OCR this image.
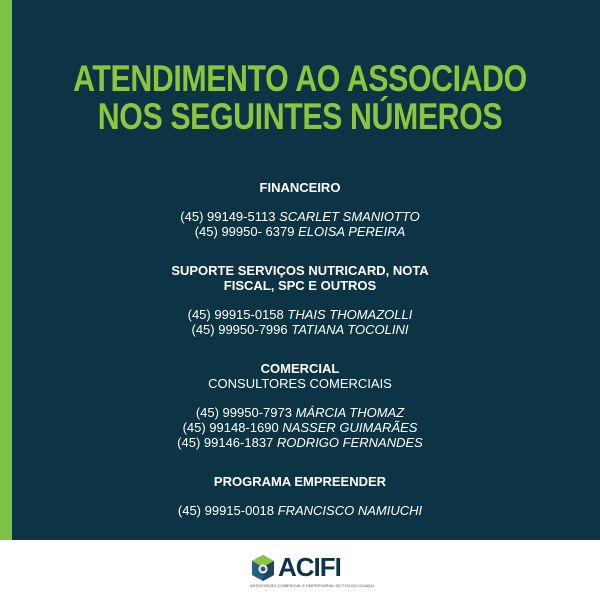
ATENDIMENTO AO ASSOCIADO
NOS SEGUINTES NÚMEROS
FINANCEIRO
(45) 99149-5113 SCARLET SMANIOTTO
(45) 99950- 6379 ELOISA PEREIRA
SUPORTE SERVIÇOS NUTRICARD, NOTA
FISCAL, SPC E OUTROS
(45) 99915-0158 THAIS THOMAZOLLI
(45) 99950-7996 TATIANA TOCOLINI
COMERCIAL
CONSULTORES COMERCIAIS
(45) 99950-7973 MÁRCIA THOMAZ
(45) 99148-1690 NASSER GUIMARÃES
(45) 99146-1837 RODRIGO FERNANDES
PROGRAMA EMPREENDER
(45) 99915-0018 FRANCISCO NAMIUCHI
ACIFI
ASSOCIAÇÃO COMERCIAL E EMPRESARIAL DE FOZ DO IGUAÇU
